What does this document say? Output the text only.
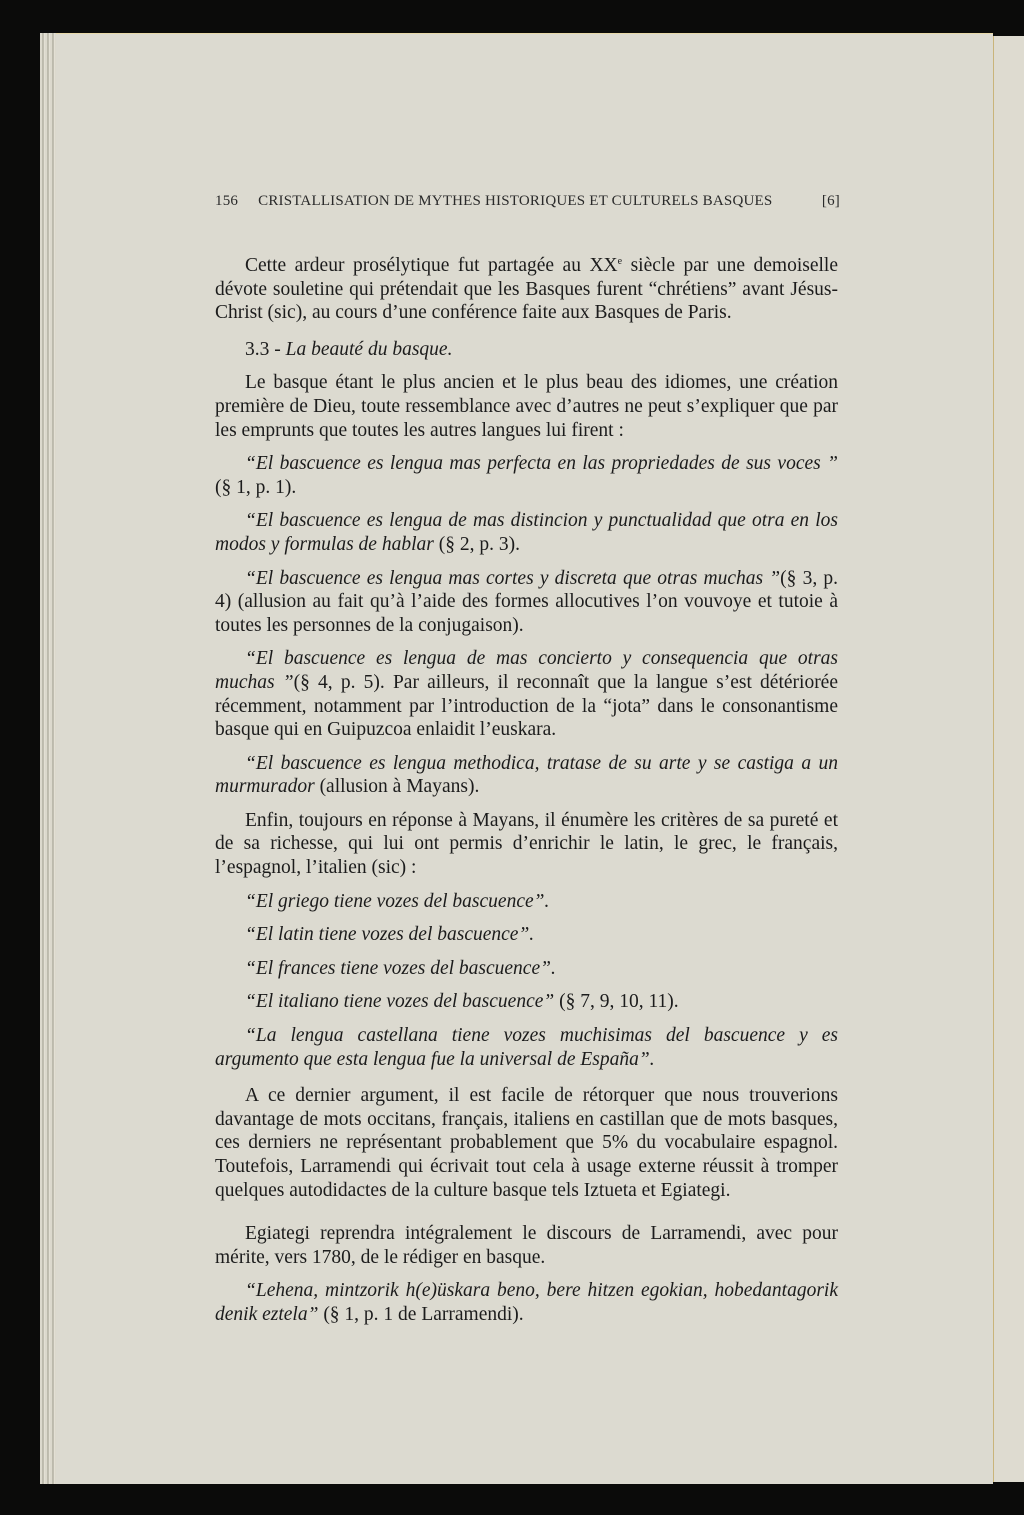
156 CRISTALLISATION DE MYTHES HISTORIQUES ET CULTURELS BASQUES	[6]

Cette ardeur prosélytique fut partagée au XXe siècle par une demoiselle dévote souletine qui prétendait que les Basques furent “chrétiens” avant Jésus-Christ (sic), au cours d’une conférence faite aux Basques de Paris.

3.3 - La beauté du basque.

Le basque étant le plus ancien et le plus beau des idiomes, une création première de Dieu, toute ressemblance avec d’autres ne peut s’expliquer que par les emprunts que toutes les autres langues lui firent :

“El bascuence es lengua mas perfecta en las propriedades de sus voces ” (§ 1, p. 1).

“El bascuence es lengua de mas distincion y punctualidad que otra en los modos y formulas de hablar (§ 2, p. 3).

“El bascuence es lengua mas cortes y discreta que otras muchas ”(§ 3, p. 4) (allusion au fait qu’à l’aide des formes allocutives l’on vouvoye et tutoie à toutes les personnes de la conjugaison).

“El bascuence es lengua de mas concierto y consequencia que otras muchas ”(§ 4, p. 5). Par ailleurs, il reconnaît que la langue s’est détériorée récemment, notamment par l’introduction de la “jota” dans le consonantisme basque qui en Guipuzcoa enlaidit l’euskara.

“El bascuence es lengua methodica, tratase de su arte y se castiga a un murmurador (allusion à Mayans).

Enfin, toujours en réponse à Mayans, il énumère les critères de sa pureté et de sa richesse, qui lui ont permis d’enrichir le latin, le grec, le français, l’espagnol, l’italien (sic) :

“El griego tiene vozes del bascuence”.

“El latin tiene vozes del bascuence”.

“El frances tiene vozes del bascuence”.

“El italiano tiene vozes del bascuence” (§ 7, 9, 10, 11).

“La lengua castellana tiene vozes muchisimas del bascuence y es argumento que esta lengua fue la universal de España”.

A ce dernier argument, il est facile de rétorquer que nous trouverions davantage de mots occitans, français, italiens en castillan que de mots basques, ces derniers ne représentant probablement que 5% du vocabulaire espagnol. Toutefois, Larramendi qui écrivait tout cela à usage externe réussit à tromper quelques autodidactes de la culture basque tels Iztueta et Egiategi.

Egiategi reprendra intégralement le discours de Larramendi, avec pour mérite, vers 1780, de le rédiger en basque.

“Lehena, mintzorik h(e)üskara beno, bere hitzen egokian, hobedantagorik denik eztela” (§ 1, p. 1 de Larramendi).
